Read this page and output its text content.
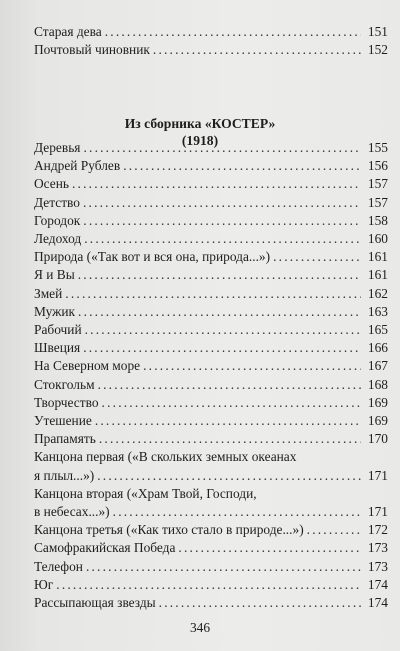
Старая дева .....	151
Почтовый чиновник .....	152
Из сборника «КОСТЕР»
(1918)
Деревья .....	155
Андрей Рублев .....	156
Осень .....	157
Детство .....	157
Городок .....	158
Ледоход .....	160
Природа («Так вот и вся она, природа...») .....	161
Я и Вы .....	161
Змей .....	162
Мужик .....	163
Рабочий .....	165
Швеция .....	166
На Северном море .....	167
Стокгольм .....	168
Творчество .....	169
Утешение .....	169
Прапамять .....	170
Канцона первая («В скольких земных океанах
я плыл...») .....	171
Канцона вторая («Храм Твой, Господи,
в небесах...») .....	171
Канцона третья («Как тихо стало в природе...») .....	172
Самофракийская Победа .....	173
Телефон .....	173
Юг .....	174
Рассыпающая звезды .....	174
346
